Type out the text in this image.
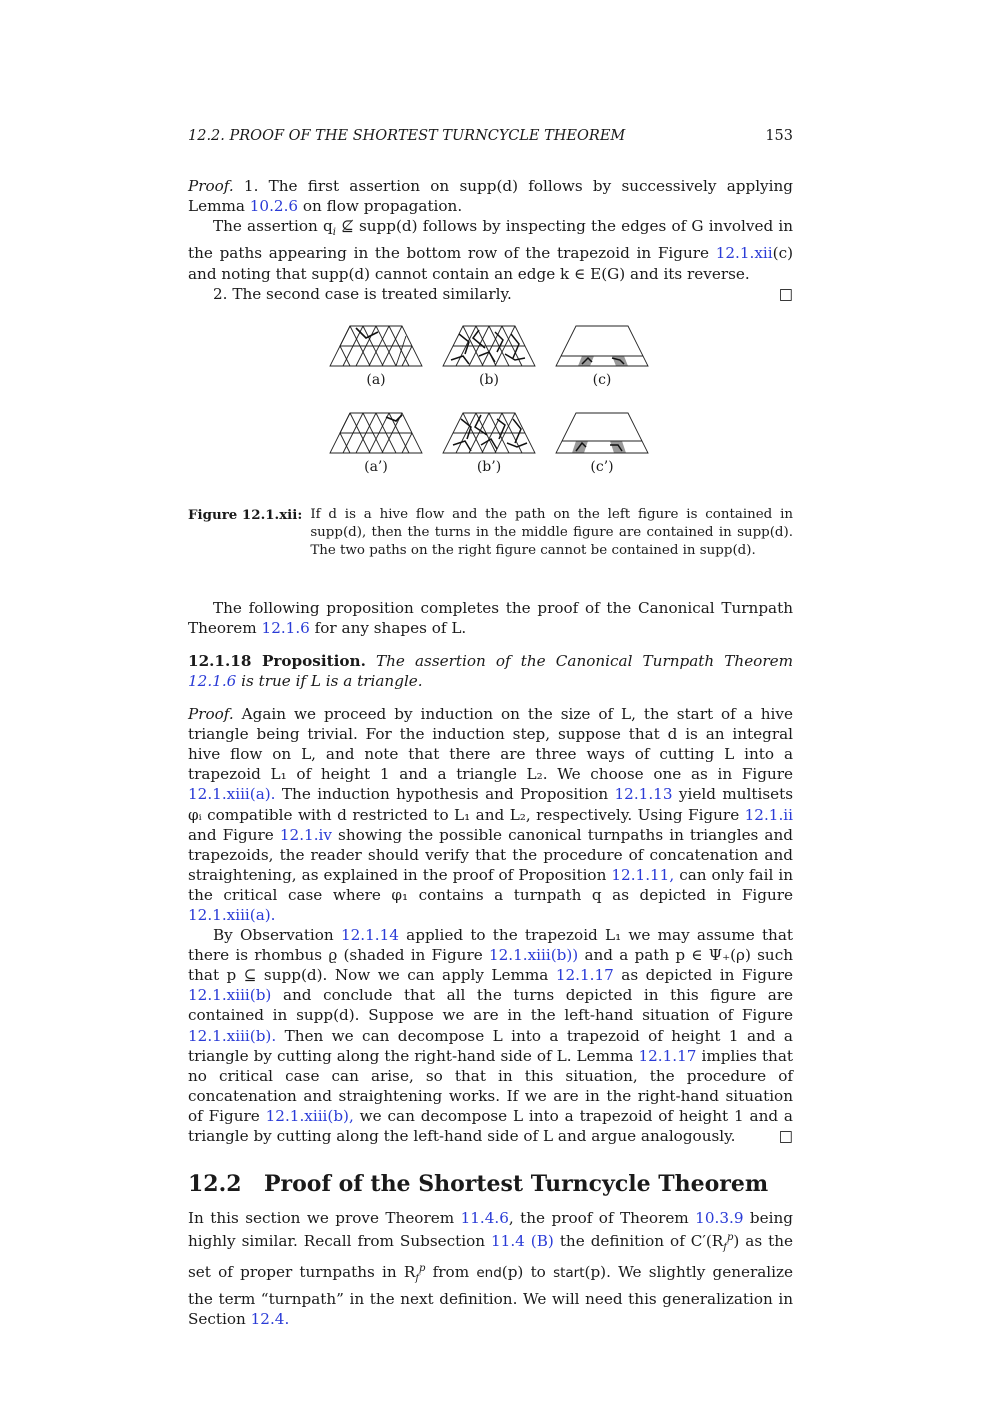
12.2. PROOF OF THE SHORTEST TURNCYCLE THEOREM	153

Proof. 1. The first assertion on supp(d) follows by successively applying Lemma 10.2.6 on flow propagation.

The assertion $q_i$ ⊈ supp(d) follows by inspecting the edges of G involved in the paths appearing in the bottom row of the trapezoid in Figure 12.1.xii(c) and noting that supp(d) cannot contain an edge k ∈ E(G) and its reverse.

2. The second case is treated similarly.	□

(a)	(b)	(c)
(a’)	(b’)	(c’)
Figure 12.1.xii: If d is a hive flow and the path on the left figure is contained in supp(d), then the turns in the middle figure are contained in supp(d). The two paths on the right figure cannot be contained in supp(d).

The following proposition completes the proof of the Canonical Turnpath Theorem 12.1.6 for any shapes of L.

12.1.18 Proposition. The assertion of the Canonical Turnpath Theorem 12.1.6 is true if L is a triangle.

Proof. Again we proceed by induction on the size of L, the start of a hive triangle being trivial. For the induction step, suppose that d is an integral hive flow on L, and note that there are three ways of cutting L into a trapezoid L₁ of height 1 and a triangle L₂. We choose one as in Figure 12.1.xiii(a). The induction hypothesis and Proposition 12.1.13 yield multisets φᵢ compatible with d restricted to L₁ and L₂, respectively. Using Figure 12.1.ii and Figure 12.1.iv showing the possible canonical turnpaths in triangles and trapezoids, the reader should verify that the procedure of concatenation and straightening, as explained in the proof of Proposition 12.1.11, can only fail in the critical case where φ₁ contains a turnpath q as depicted in Figure 12.1.xiii(a).

By Observation 12.1.14 applied to the trapezoid L₁ we may assume that there is rhombus ϱ (shaded in Figure 12.1.xiii(b)) and a path p ∈ Ψ₊(ρ) such that p ⊆ supp(d). Now we can apply Lemma 12.1.17 as depicted in Figure 12.1.xiii(b) and conclude that all the turns depicted in this figure are contained in supp(d). Suppose we are in the left-hand situation of Figure 12.1.xiii(b). Then we can decompose L into a trapezoid of height 1 and a triangle by cutting along the right-hand side of L. Lemma 12.1.17 implies that no critical case can arise, so that in this situation, the procedure of concatenation and straightening works. If we are in the right-hand situation of Figure 12.1.xiii(b), we can decompose L into a trapezoid of height 1 and a triangle by cutting along the left-hand side of L and argue analogously.	□

12.2	Proof of the Shortest Turncycle Theorem

In this section we prove Theorem 11.4.6, the proof of Theorem 10.3.9 being highly similar. Recall from Subsection 11.4 (B) the definition of $C'(R_f^p)$ as the set of proper turnpaths in $R_f^p$ from end(p) to start(p). We slightly generalize the term “turnpath” in the next definition. We will need this generalization in Section 12.4.
